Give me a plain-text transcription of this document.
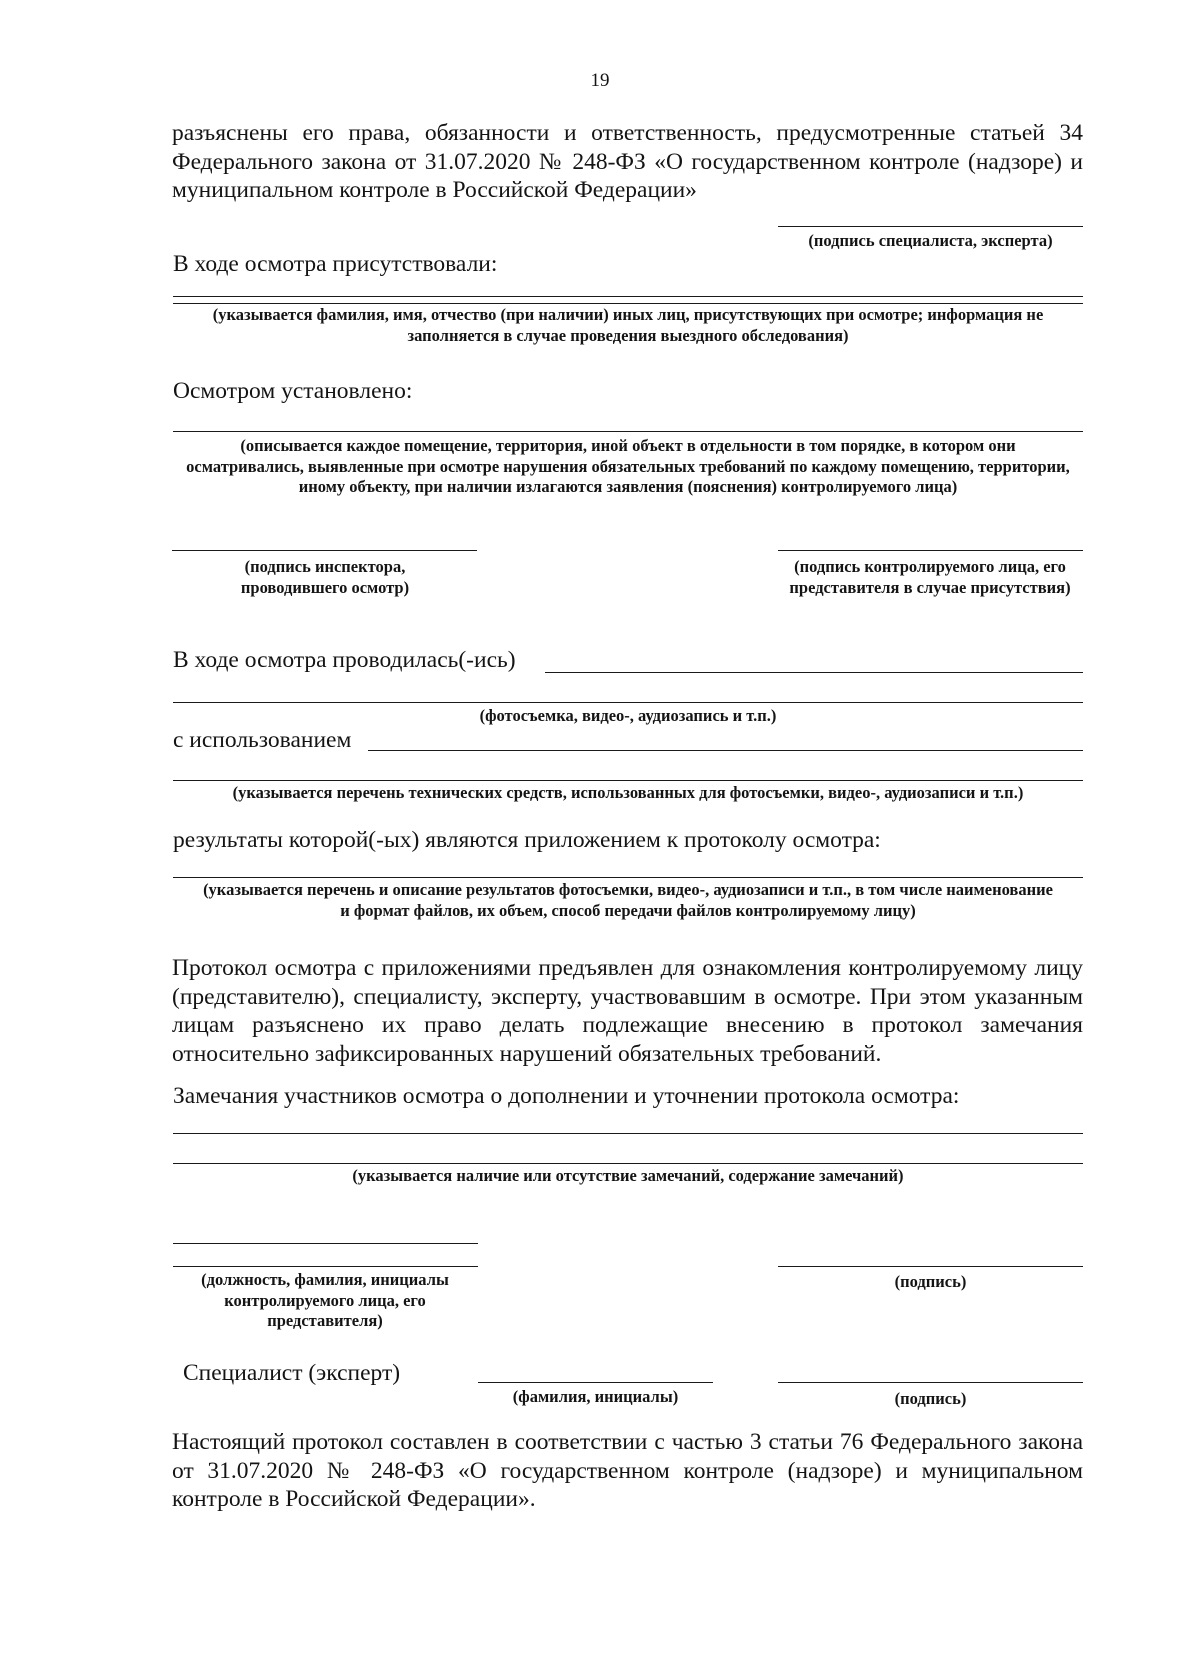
19
разъяснены его права, обязанности и ответственность, предусмотренные статьей 34 Федерального закона от 31.07.2020 № 248-ФЗ «О государственном контроле (надзоре) и муниципальном контроле в Российской Федерации»
(подпись специалиста, эксперта)
В ходе осмотра присутствовали:
(указывается фамилия, имя, отчество (при наличии) иных лиц, присутствующих при осмотре; информация не заполняется в случае проведения выездного обследования)
Осмотром установлено:
(описывается каждое помещение, территория, иной объект в отдельности в том порядке, в котором они осматривались, выявленные при осмотре нарушения обязательных требований по каждому помещению, территории, иному объекту, при наличии излагаются заявления (пояснения) контролируемого лица)
(подпись инспектора, проводившего осмотр)
(подпись контролируемого лица, его представителя в случае присутствия)
В ходе осмотра проводилась(-ись)
(фотосъемка, видео-, аудиозапись и т.п.)
с использованием
(указывается перечень технических средств, использованных для фотосъемки, видео-, аудиозаписи и т.п.)
результаты которой(-ых) являются приложением к протоколу осмотра:
(указывается перечень и описание результатов фотосъемки, видео-, аудиозаписи и т.п., в том числе наименование и формат файлов, их объем, способ передачи файлов контролируемому лицу)
Протокол осмотра с приложениями предъявлен для ознакомления контролируемому лицу (представителю), специалисту, эксперту, участвовавшим в осмотре. При этом указанным лицам разъяснено их право делать подлежащие внесению в протокол замечания относительно зафиксированных нарушений обязательных требований.
Замечания участников осмотра о дополнении и уточнении протокола осмотра:
(указывается наличие или отсутствие замечаний, содержание замечаний)
(должность, фамилия, инициалы контролируемого лица, его представителя)
(подпись)
Специалист (эксперт)
(фамилия, инициалы)	(подпись)
Настоящий протокол составлен в соответствии с частью 3 статьи 76 Федерального закона от 31.07.2020 № 248-ФЗ «О государственном контроле (надзоре) и муниципальном контроле в Российской Федерации».
